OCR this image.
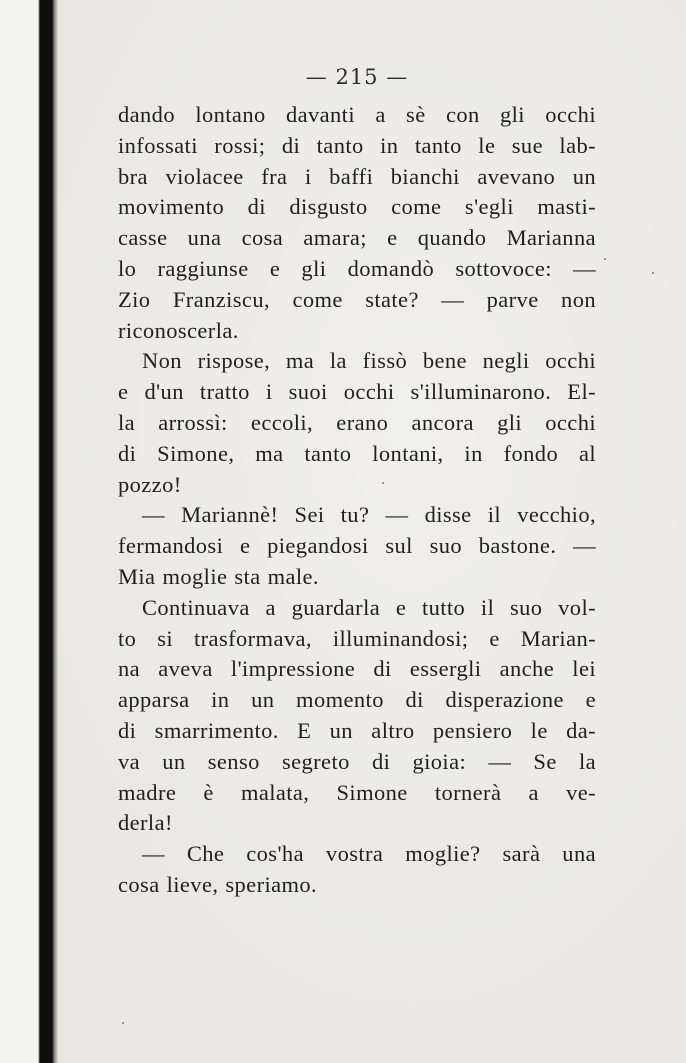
— 215 —
dando lontano davanti a sè con gli occhi
infossati rossi; di tanto in tanto le sue lab-
bra violacee fra i baffi bianchi avevano un
movimento di disgusto come s'egli masti-
casse una cosa amara; e quando Marianna
lo raggiunse e gli domandò sottovoce: —
Zio Franziscu, come state? — parve non
riconoscerla.
Non rispose, ma la fissò bene negli occhi
e d'un tratto i suoi occhi s'illuminarono. El-
la arrossì: eccoli, erano ancora gli occhi
di Simone, ma tanto lontani, in fondo al
pozzo!
— Mariannè! Sei tu? — disse il vecchio,
fermandosi e piegandosi sul suo bastone. —
Mia moglie sta male.
Continuava a guardarla e tutto il suo vol-
to si trasformava, illuminandosi; e Marian-
na aveva l'impressione di essergli anche lei
apparsa in un momento di disperazione e
di smarrimento. E un altro pensiero le da-
va un senso segreto di gioia: — Se la
madre è malata, Simone tornerà a ve-
derla!
— Che cos'ha vostra moglie? sarà una
cosa lieve, speriamo.
